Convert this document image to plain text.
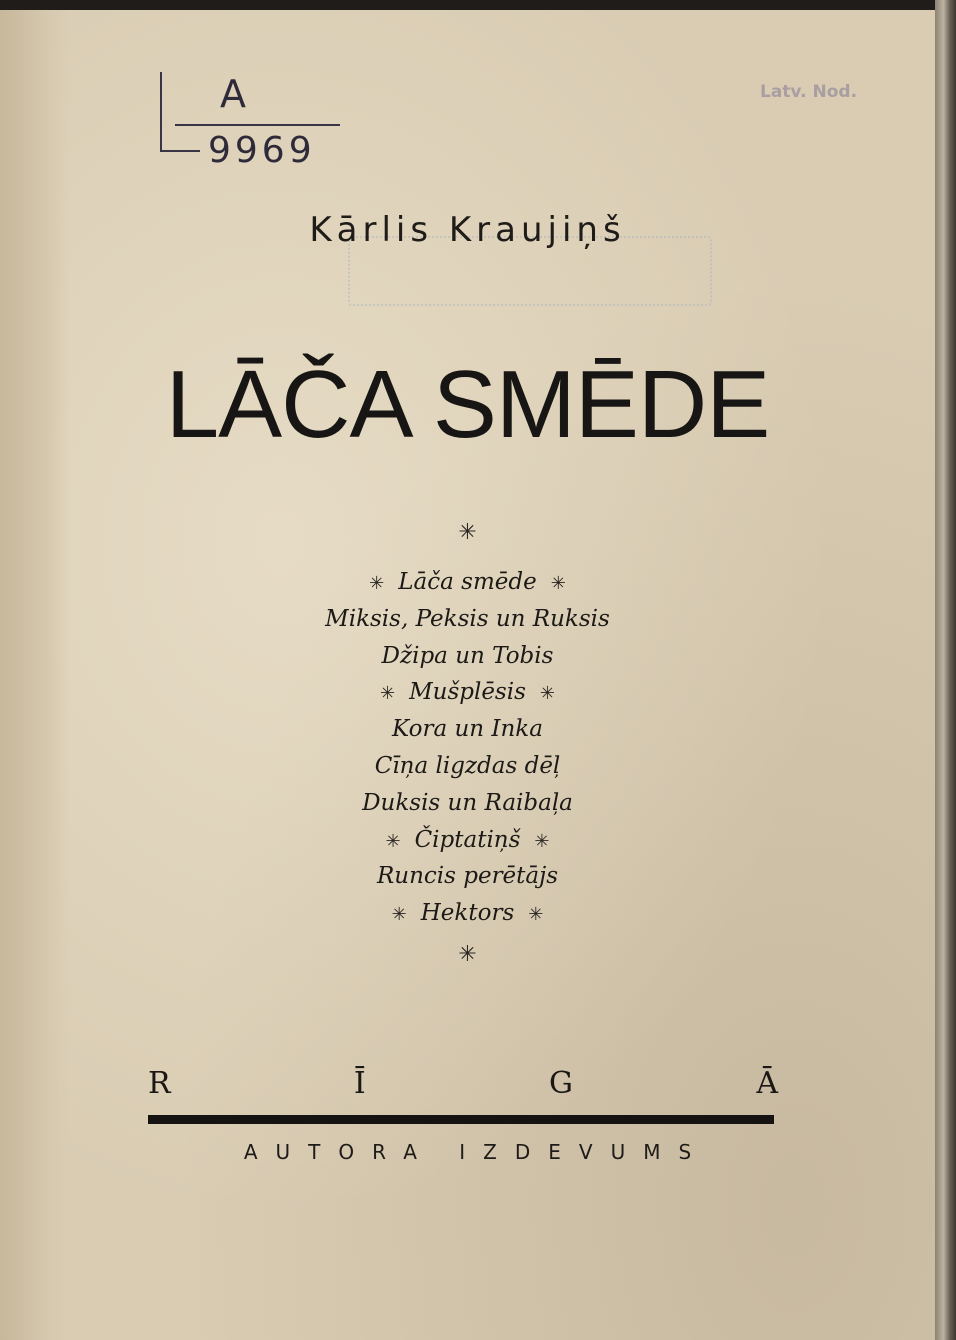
A
9969
Latv. Nod.
Kārlis Kraujiņš
LĀČA SMĒDE
✳
✳ Lāča smēde ✳
Miksis, Peksis un Ruksis
Džipa un Tobis
✳ Mušplēsis ✳
Kora un Inka
Cīņa ligzdas dēļ
Duksis un Raibaļa
✳ Čiptatiņš ✳
Runcis perētājs
✳ Hektors ✳
✳
R	Ī	G	Ā
AUTORA IZDEVUMS
